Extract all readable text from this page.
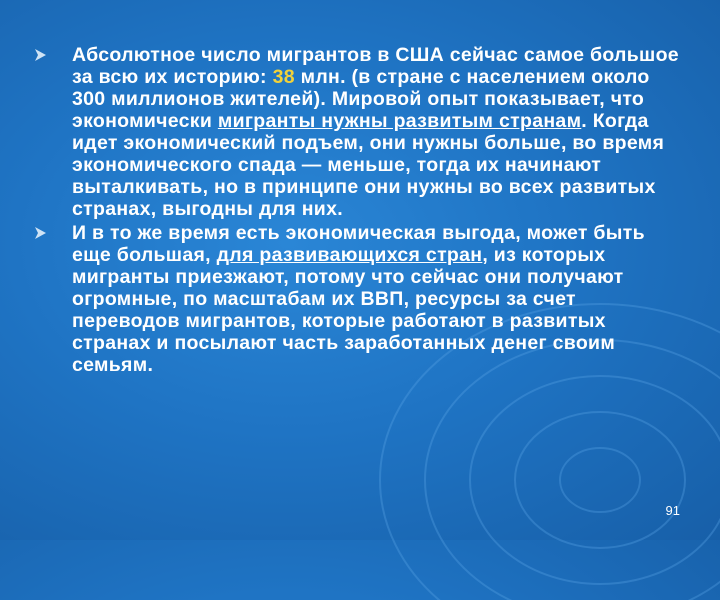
Абсолютное число мигрантов в США сейчас самое большое за всю их историю: 38 млн. (в стране с населением около 300 миллионов жителей). Мировой опыт показывает, что экономически мигранты нужны развитым странам. Когда идет экономический подъем, они нужны больше, во время экономического спада — меньше, тогда их начинают выталкивать, но в принципе они нужны во всех развитых странах, выгодны для них.
И в то же время есть экономическая выгода, может быть еще большая, для развивающихся стран, из которых мигранты приезжают, потому что сейчас они получают огромные, по масштабам их ВВП, ресурсы за счет переводов мигрантов, которые работают в развитых странах и посылают часть заработанных денег своим семьям.
91
